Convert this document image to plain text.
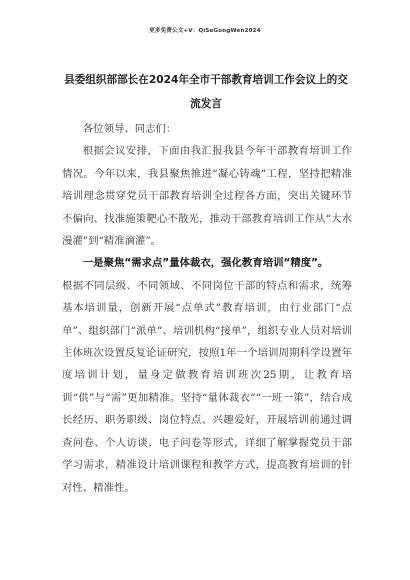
更多免费公文+V：QiSeGongWen2024
县委组织部部长在2024年全市干部教育培训工作会议上的交流发言

各位领导、同志们：

根据会议安排，下面由我汇报我县今年干部教育培训工作情况。今年以来，我县聚焦推进“凝心铸魂”工程，坚持把精准培训理念贯穿党员干部教育培训全过程各方面，突出关键环节不偏向、找准施策靶心不散光，推动干部教育培训工作从“大水漫灌”到“精准滴灌”。

一是聚焦“需求点”量体裁衣，强化教育培训“精度”。

根据不同层级、不同领域、不同岗位干部的特点和需求，统筹基本培训量，创新开展“点单式”教育培训，由行业部门“点单”、组织部门“派单”、培训机构“接单”，组织专业人员对培训主体班次设置反复论证研究，按照1年一个培训周期科学设置年度培训计划，量身定做教育培训班次25期，让教育培训“供”与“需”更加精准。坚持“量体裁衣”“一班一策”，结合成长经历、职务职级、岗位特点、兴趣爱好，开展培训前通过调查问卷、个人访谈、电子问卷等形式，详细了解掌握党员干部学习需求，精准设计培训课程和教学方式，提高教育培训的针对性、精准性。
